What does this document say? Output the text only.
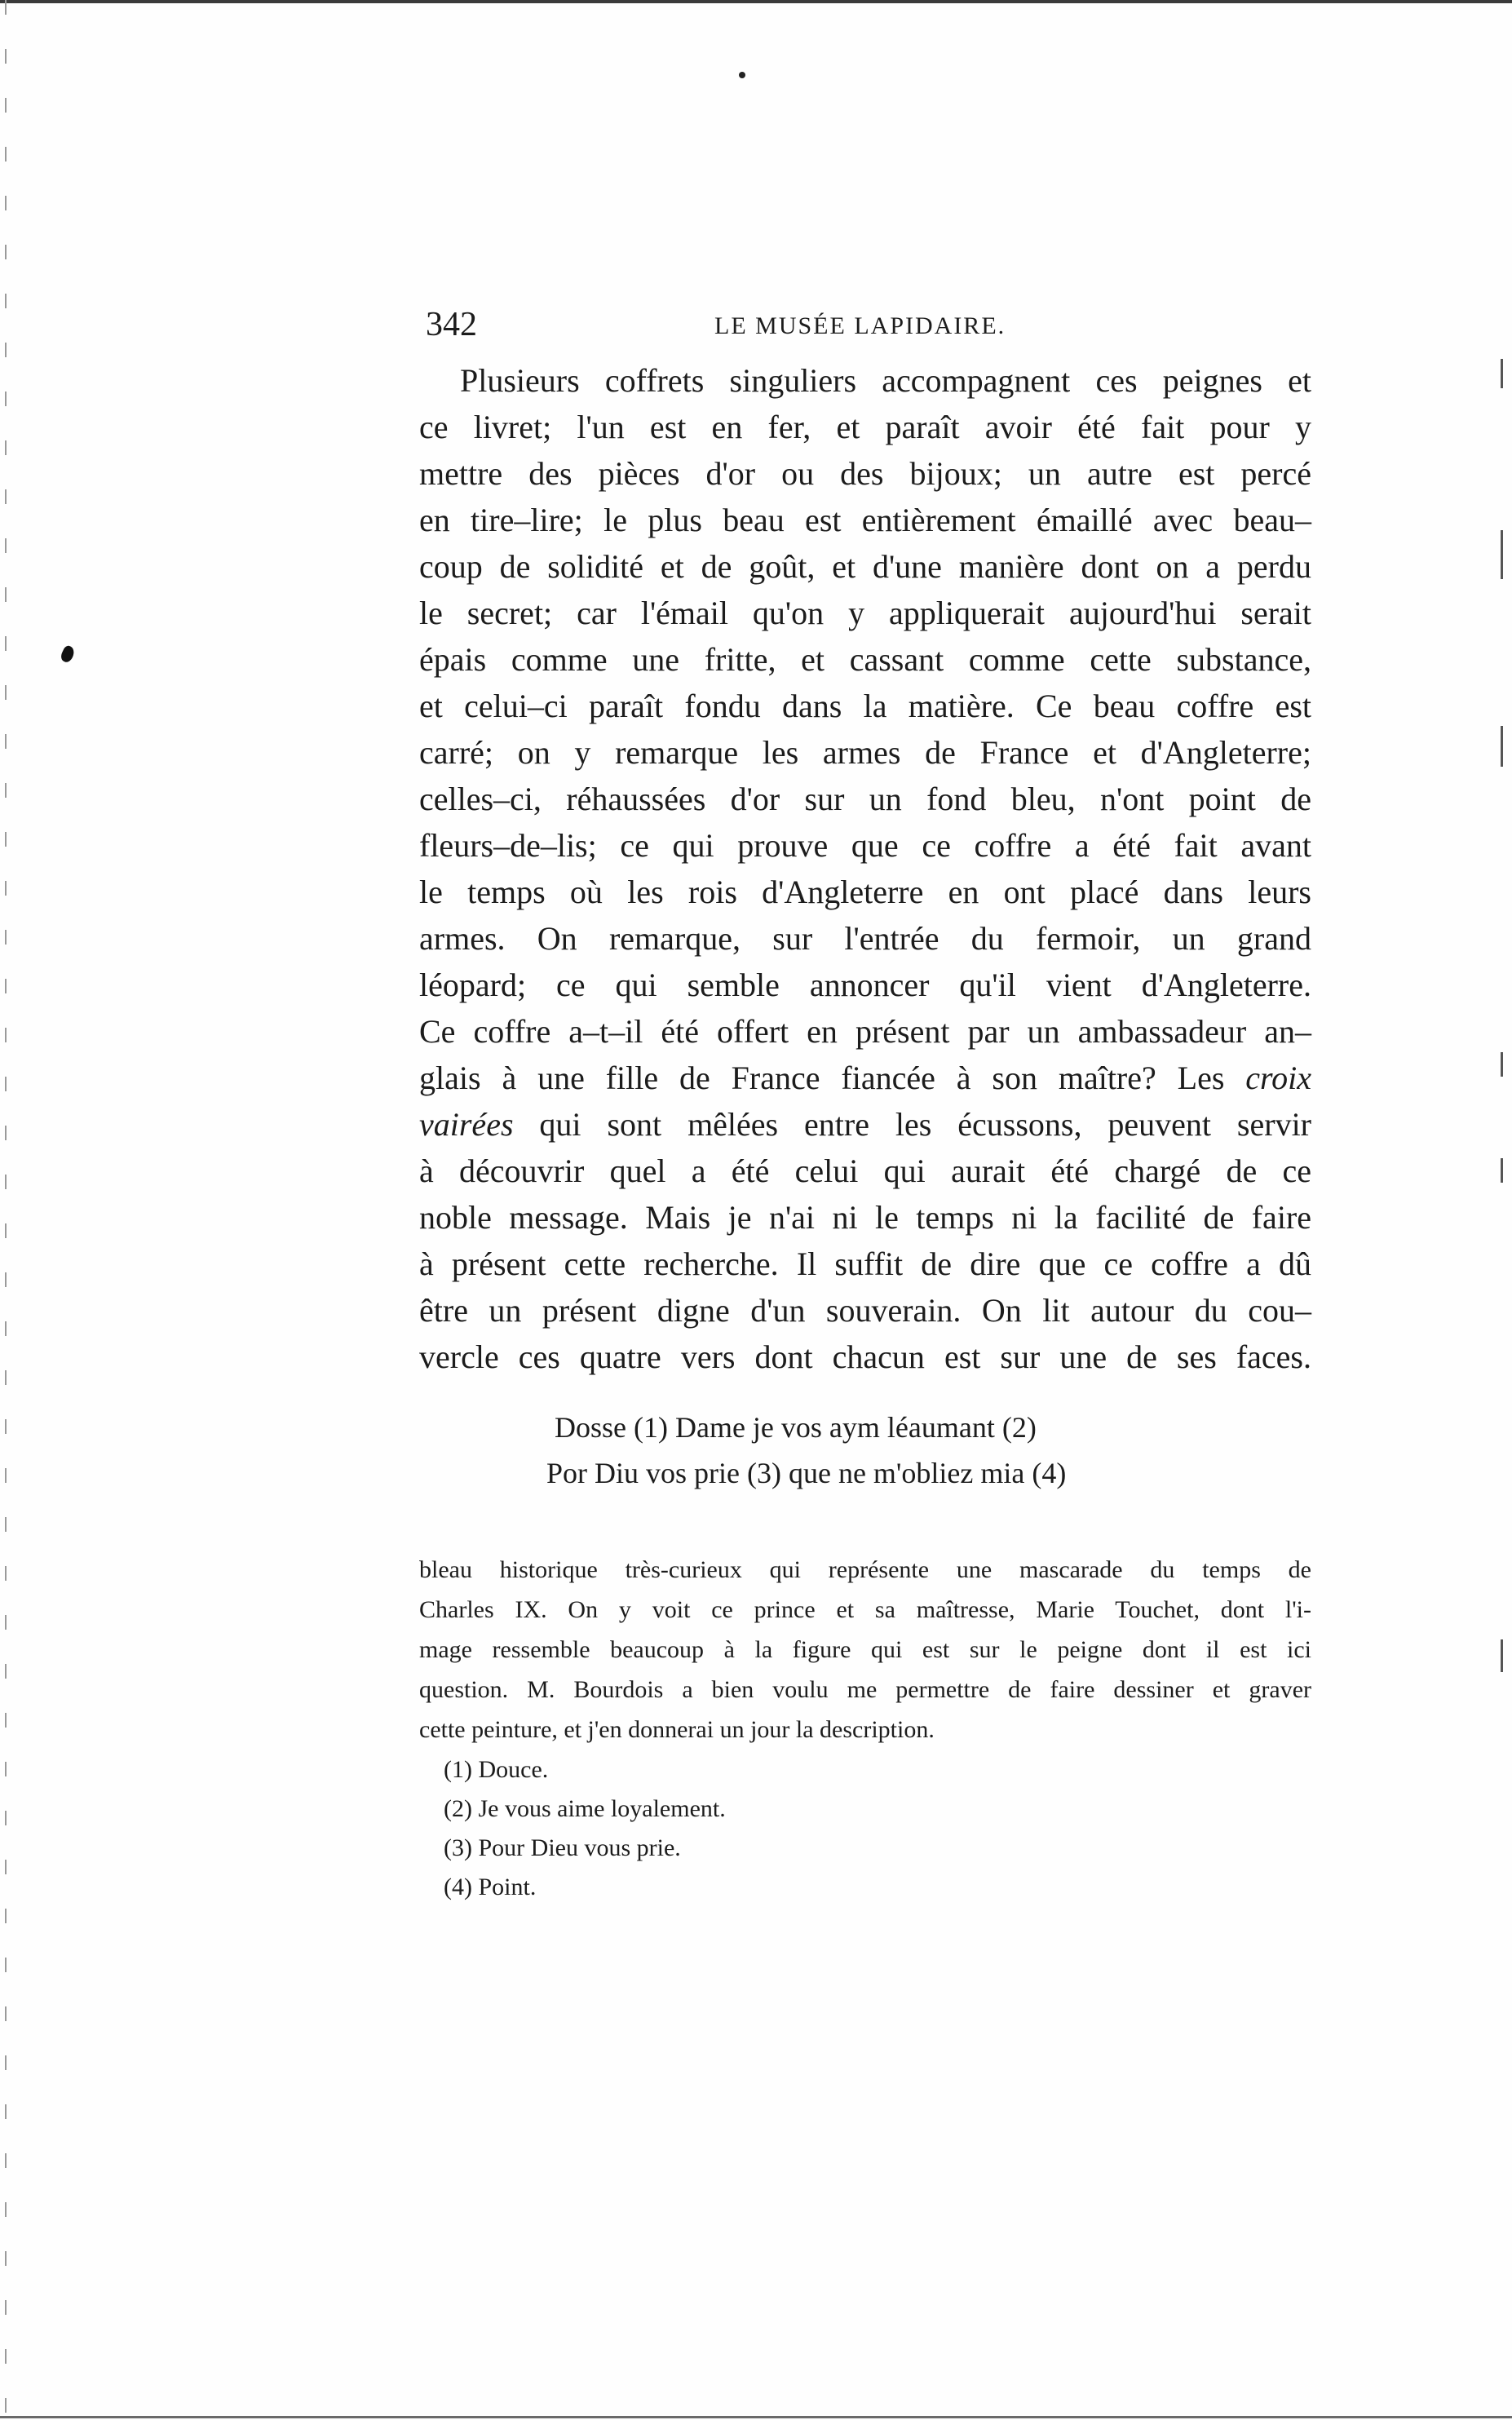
342	LE MUSÉE LAPIDAIRE.
Plusieurs coffrets singuliers accompagnent ces peignes et
ce livret; l'un est en fer, et paraît avoir été fait pour y
mettre des pièces d'or ou des bijoux; un autre est percé
en tire–lire; le plus beau est entièrement émaillé avec beau–
coup de solidité et de goût, et d'une manière dont on a perdu
le secret; car l'émail qu'on y appliquerait aujourd'hui serait
épais comme une fritte, et cassant comme cette substance,
et celui–ci paraît fondu dans la matière. Ce beau coffre est
carré; on y remarque les armes de France et d'Angleterre;
celles–ci, réhaussées d'or sur un fond bleu, n'ont point de
fleurs–de–lis; ce qui prouve que ce coffre a été fait avant
le temps où les rois d'Angleterre en ont placé dans leurs
armes. On remarque, sur l'entrée du fermoir, un grand
léopard; ce qui semble annoncer qu'il vient d'Angleterre.
Ce coffre a–t–il été offert en présent par un ambassadeur an–
glais à une fille de France fiancée à son maître? Les croix
vairées qui sont mêlées entre les écussons, peuvent servir
à découvrir quel a été celui qui aurait été chargé de ce
noble message. Mais je n'ai ni le temps ni la facilité de faire
à présent cette recherche. Il suffit de dire que ce coffre a dû
être un présent digne d'un souverain. On lit autour du cou–
vercle ces quatre vers dont chacun est sur une de ses faces.
Dosse (1) Dame je vos aym léaumant (2)
Por Diu vos prie (3) que ne m'obliez mia (4)
bleau historique très-curieux qui représente une mascarade du temps de
Charles IX. On y voit ce prince et sa maîtresse, Marie Touchet, dont l'i-
mage ressemble beaucoup à la figure qui est sur le peigne dont il est ici
question. M. Bourdois a bien voulu me permettre de faire dessiner et graver
cette peinture, et j'en donnerai un jour la description.
(1) Douce.
(2) Je vous aime loyalement.
(3) Pour Dieu vous prie.
(4) Point.
